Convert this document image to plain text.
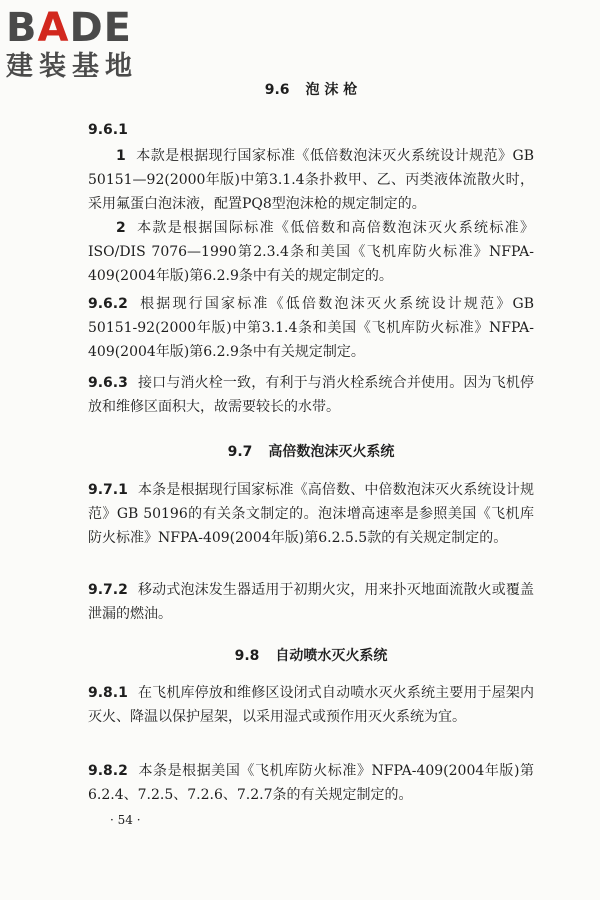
BADE
建装基地
9.6 泡 沫 枪
9.6.1
1 本款是根据现行国家标准《低倍数泡沫灭火系统设计规范》GB 50151—92(2000年版)中第3.1.4条扑救甲、乙、丙类液体流散火时，采用氟蛋白泡沫液，配置PQ8型泡沫枪的规定制定的。
2 本款是根据国际标准《低倍数和高倍数泡沫灭火系统标准》ISO/DIS 7076—1990第2.3.4条和美国《飞机库防火标准》NFPA-409(2004年版)第6.2.9条中有关的规定制定的。
9.6.2 根据现行国家标准《低倍数泡沫灭火系统设计规范》GB 50151-92(2000年版)中第3.1.4条和美国《飞机库防火标准》NFPA-409(2004年版)第6.2.9条中有关规定制定。
9.6.3 接口与消火栓一致，有利于与消火栓系统合并使用。因为飞机停放和维修区面积大，故需要较长的水带。
9.7 高倍数泡沫灭火系统
9.7.1 本条是根据现行国家标准《高倍数、中倍数泡沫灭火系统设计规范》GB 50196的有关条文制定的。泡沫增高速率是参照美国《飞机库防火标准》NFPA-409(2004年版)第6.2.5.5款的有关规定制定的。
9.7.2 移动式泡沫发生器适用于初期火灾，用来扑灭地面流散火或覆盖泄漏的燃油。
9.8 自动喷水灭火系统
9.8.1 在飞机库停放和维修区设闭式自动喷水灭火系统主要用于屋架内灭火、降温以保护屋架，以采用湿式或预作用灭火系统为宜。
9.8.2 本条是根据美国《飞机库防火标准》NFPA-409(2004年版)第6.2.4、7.2.5、7.2.6、7.2.7条的有关规定制定的。
· 54 ·
